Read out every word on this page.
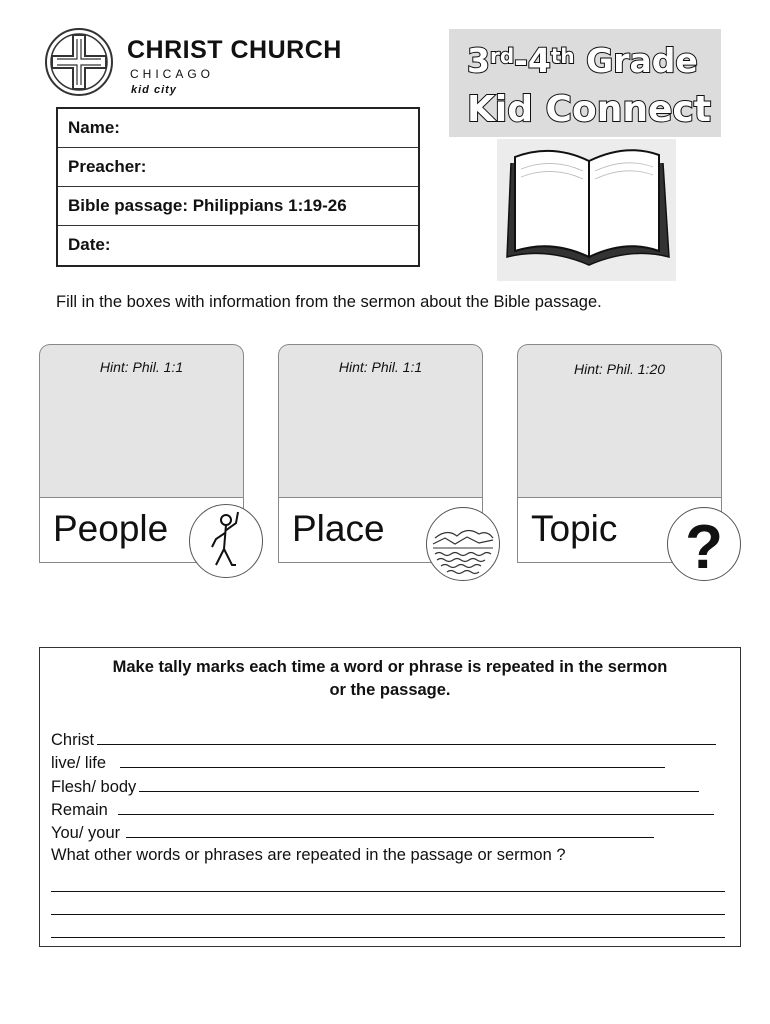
CHRIST CHURCH
CHICAGO
kid city
3rd-4th Grade
Kid Connect
Name:
Preacher:
Bible passage: Philippians 1:19-26
Date:
Fill in the boxes with information from the sermon about the Bible passage.
Hint: Phil. 1:1
People
Hint: Phil. 1:1
Place
Hint: Phil. 1:20
Topic ?
Make tally marks each time a word or phrase is repeated in the sermon
or the passage.
Christ
live/ life
Flesh/ body
Remain
You/ your
What other words or phrases are repeated in the passage or sermon ?
